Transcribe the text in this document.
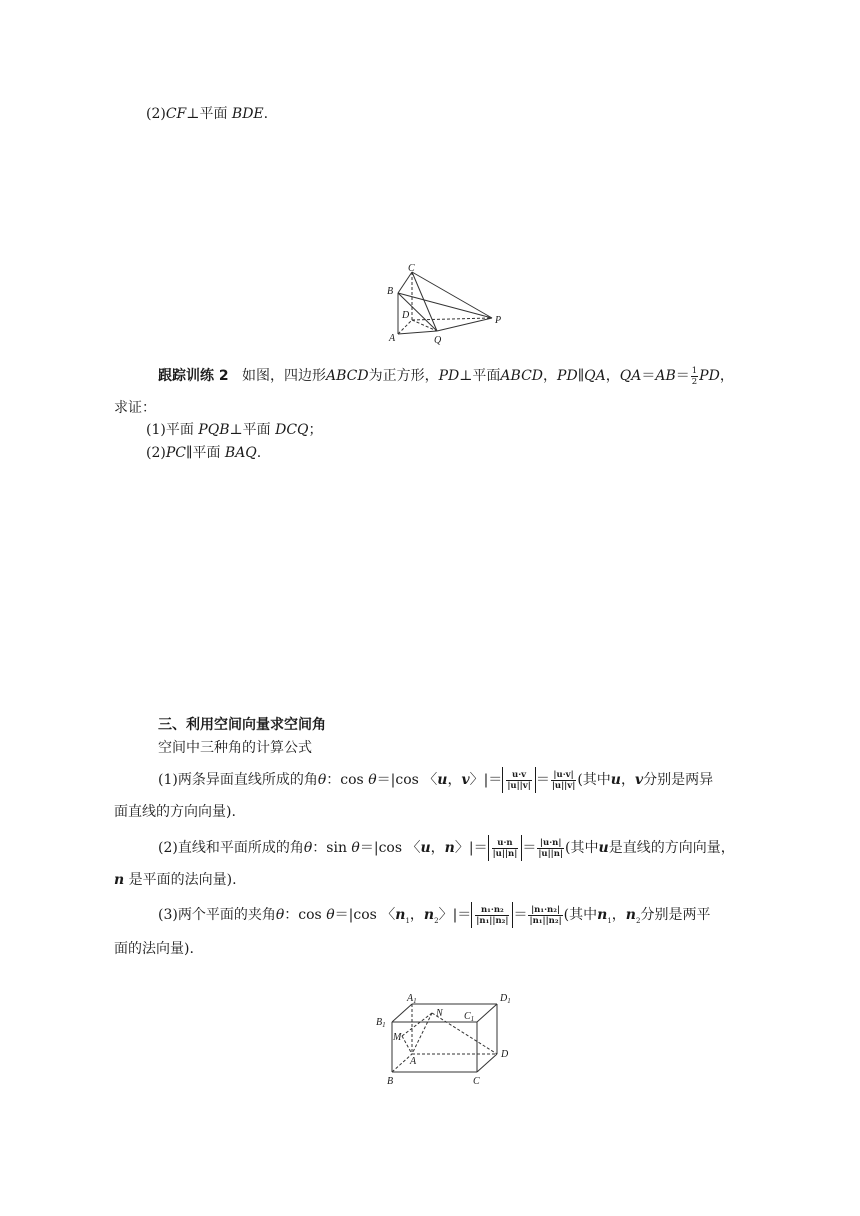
(2)CF⊥平面 BDE.
C
B
D
A	Q
P
跟踪训练 2 如图，四边形ABCD为正方形，PD⊥平面ABCD，PD∥QA，$QA=AB= \frac{1}{2}$ PD，
求证：
(1)平面 PQB⊥平面 DCQ；
(2)PC∥平面 BAQ.
三、利用空间向量求空间角
空间中三种角的计算公式
(1)两条异面直线所成的角θ：cos θ＝|cos 〈u，v〉|＝ $\frac{u\cdot v}{|u||v|} = \frac{|u\cdot v|}{|u||v|}$ (其中u，v分别是两异
面直线的方向向量).
(2)直线和平面所成的角θ：sin θ＝|cos 〈u，n〉|＝ $\frac{u\cdot n}{|u||n|} = \frac{|u\cdot n|}{|u||n|}$ (其中u是直线的方向向量，
n 是平面的法向量).
(3)两个平面的夹角θ：cos θ＝|cos 〈$n_1$，$n_2$〉|＝ $\frac{\text{n₁·n₂}}{\text{|n₁||n₂|}} = \frac{\text{|n₁·n₂|}}{\text{|n₁||n₂|}}$ (其中$n_1$，$n_2$分别是两平
面的法向量).
$A_1$	$D_1$
$B_1$
N $C_1$
M
A
D
B	C
